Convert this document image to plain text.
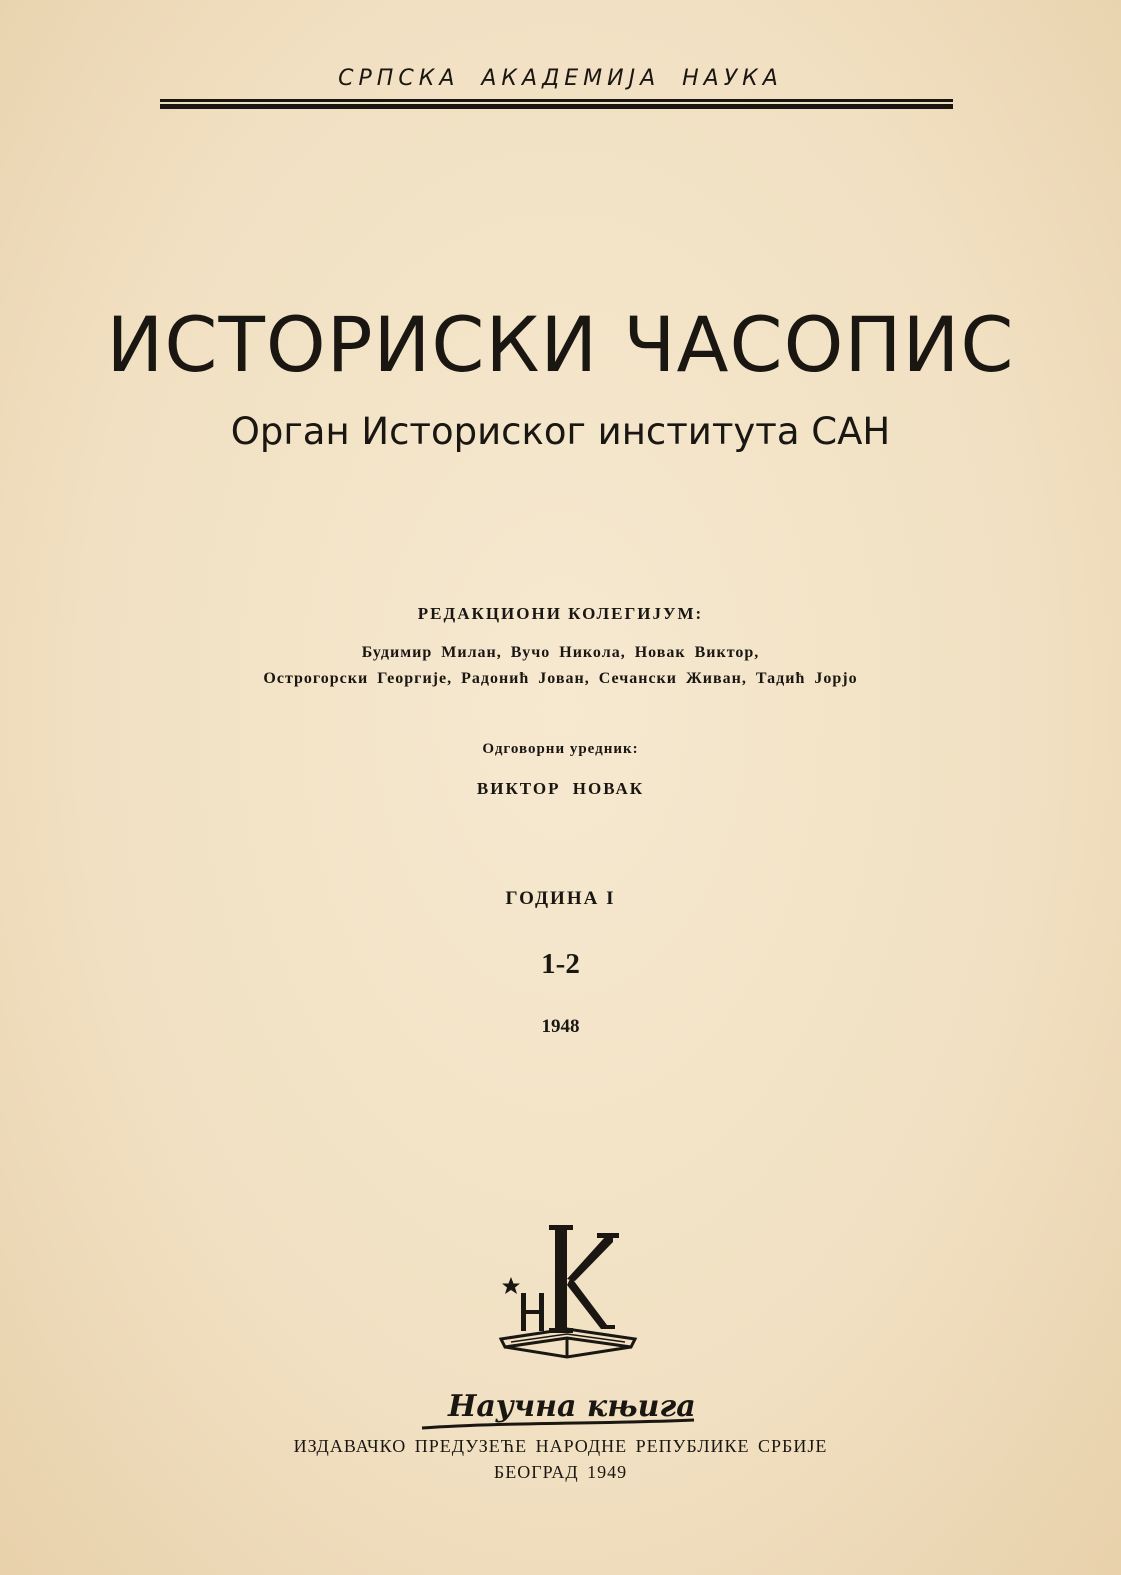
СРПСКА АКАДЕМИЈА НАУКА
ИСТОРИСКИ ЧАСОПИС
Орган Историског института САН
РЕДАКЦИОНИ КОЛЕГИЈУМ:
Будимир Милан, Вучо Никола, Новак Виктор,
Острогорски Георгије, Радонић Јован, Сечански Живан, Тадић Јорјо
Одговорни уредник:
ВИКТОР НОВАК
ГОДИНА I
1-2
1948
Научна књига
ИЗДАВАЧКО ПРЕДУЗЕЋЕ НАРОДНЕ РЕПУБЛИКЕ СРБИЈЕ
БЕОГРАД 1949
